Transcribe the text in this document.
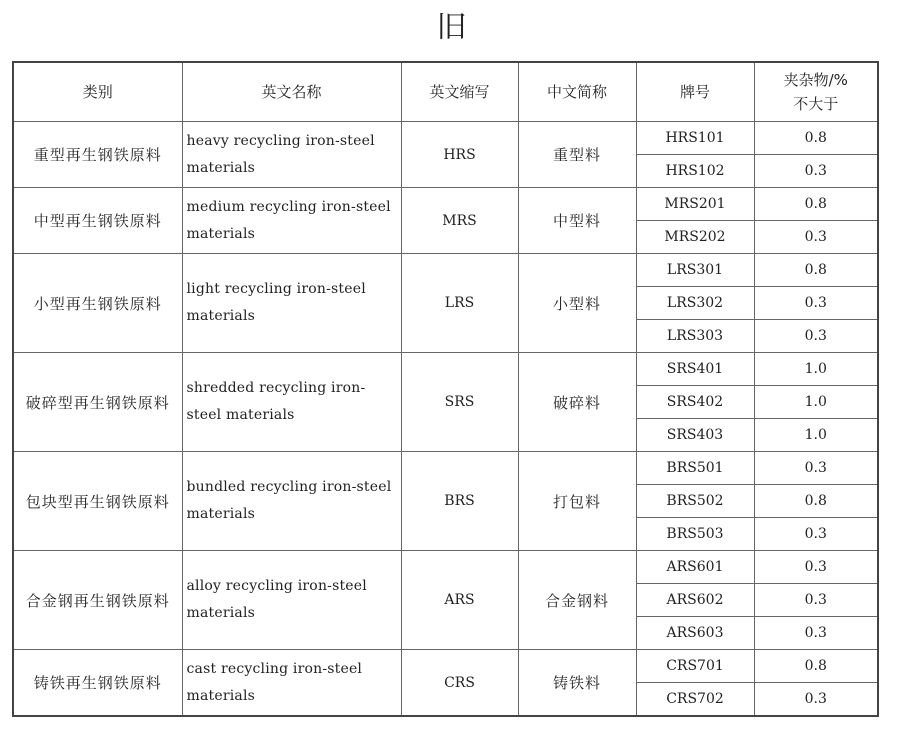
旧
类别	英文名称	英文缩写	中文简称	牌号	夹杂物/%
不大于

重型再生钢铁原料	heavy recycling iron-steel materials	HRS	重型料	HRS101	0.8
				HRS102	0.3
中型再生钢铁原料	medium recycling iron-steel materials	MRS	中型料	MRS201	0.8
				MRS202	0.3
小型再生钢铁原料	light recycling iron-steel materials	LRS	小型料	LRS301	0.8
				LRS302	0.3
				LRS303	0.3
破碎型再生钢铁原料	shredded recycling iron-steel materials	SRS	破碎料	SRS401	1.0
				SRS402	1.0
				SRS403	1.0
包块型再生钢铁原料	bundled recycling iron-steel materials	BRS	打包料	BRS501	0.3
				BRS502	0.8
				BRS503	0.3
合金钢再生钢铁原料	alloy recycling iron-steel materials	ARS	合金钢料	ARS601	0.3
				ARS602	0.3
				ARS603	0.3
铸铁再生钢铁原料	cast recycling iron-steel materials	CRS	铸铁料	CRS701	0.8
				CRS702	0.3
